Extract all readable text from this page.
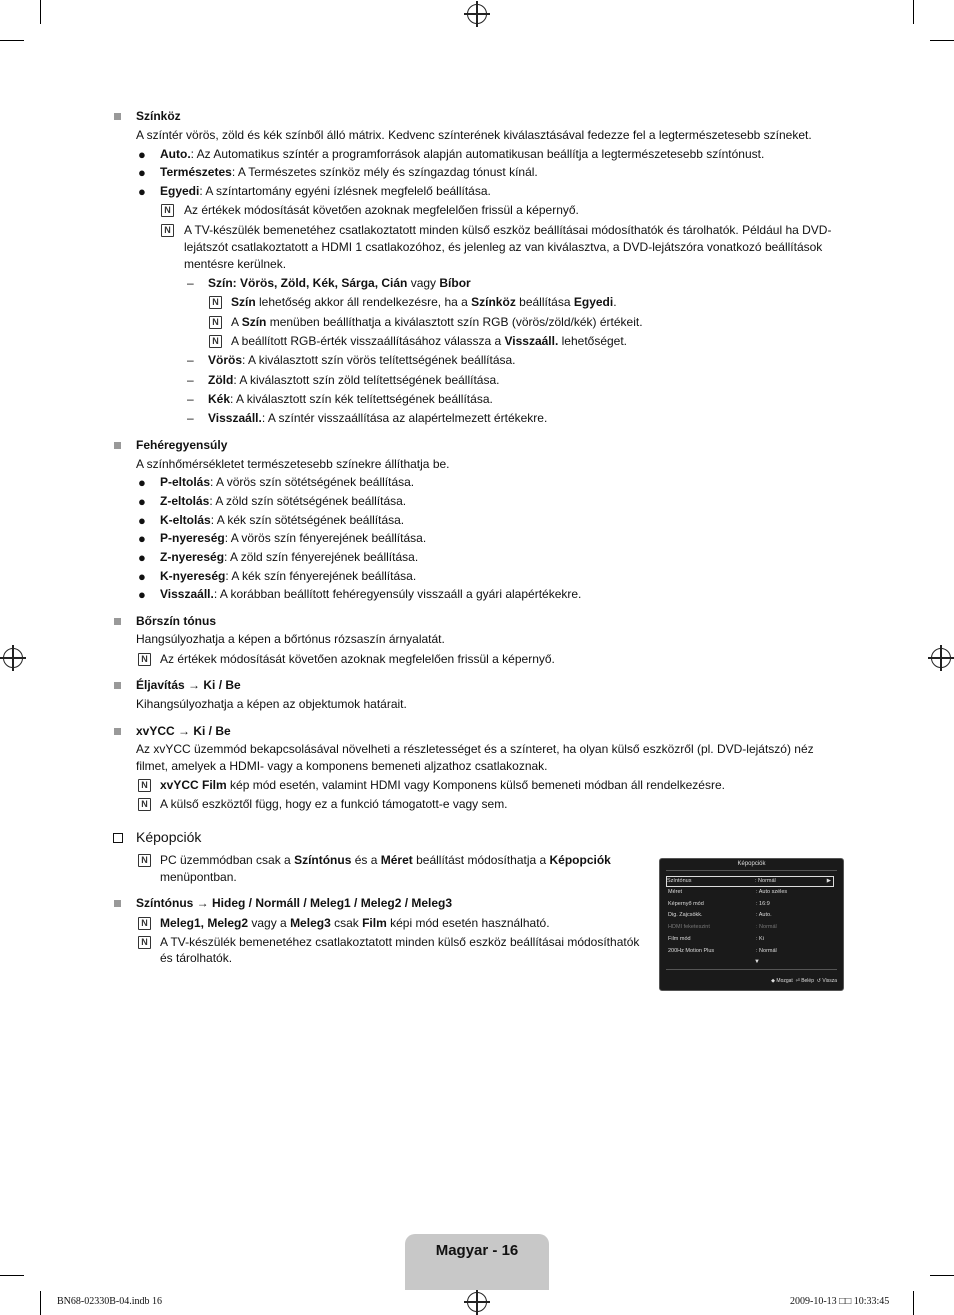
Színköz
A színtér vörös, zöld és kék színből álló mátrix. Kedvenc színterének kiválasztásával fedezze fel a legtermészetesebb színeket.
● Auto.: Az Automatikus színtér a programforrások alapján automatikusan beállítja a legtermészetesebb színtónust.
● Természetes: A Természetes színköz mély és színgazdag tónust kínál.
● Egyedi: A színtartomány egyéni ízlésnek megfelelő beállítása.
N Az értékek módosítását követően azoknak megfelelően frissül a képernyő.
N A TV-készülék bemenetéhez csatlakoztatott minden külső eszköz beállításai módosíthatók és tárolhatók. Például ha DVD-
lejátszót csatlakoztatott a HDMI 1 csatlakozóhoz, és jelenleg az van kiválasztva, a DVD-lejátszóra vonatkozó beállítások
mentésre kerülnek.
– Szín: Vörös, Zöld, Kék, Sárga, Cián vagy Bíbor
N Szín lehetőség akkor áll rendelkezésre, ha a Színköz beállítása Egyedi.
N A Szín menüben beállíthatja a kiválasztott szín RGB (vörös/zöld/kék) értékeit.
N A beállított RGB-érték visszaállításához válassza a Visszaáll. lehetőséget.
– Vörös: A kiválasztott szín vörös telítettségének beállítása.
– Zöld: A kiválasztott szín zöld telítettségének beállítása.
– Kék: A kiválasztott szín kék telítettségének beállítása.
– Visszaáll.: A színtér visszaállítása az alapértelmezett értékekre.
Fehéregyensúly
A színhőmérsékletet természetesebb színekre állíthatja be.
● P-eltolás: A vörös szín sötétségének beállítása.
● Z-eltolás: A zöld szín sötétségének beállítása.
● K-eltolás: A kék szín sötétségének beállítása.
● P-nyereség: A vörös szín fényerejének beállítása.
● Z-nyereség: A zöld szín fényerejének beállítása.
● K-nyereség: A kék szín fényerejének beállítása.
● Visszaáll.: A korábban beállított fehéregyensúly visszaáll a gyári alapértékekre.
Bőrszín tónus
Hangsúlyozhatja a képen a bőrtónus rózsaszín árnyalatát.
N Az értékek módosítását követően azoknak megfelelően frissül a képernyő.
Éljavítás → Ki / Be
Kihangsúlyozhatja a képen az objektumok határait.
xvYCC → Ki / Be
Az xvYCC üzemmód bekapcsolásával növelheti a részletességet és a színteret, ha olyan külső eszközről (pl. DVD-lejátszó) néz
filmet, amelyek a HDMI- vagy a komponens bemeneti aljzathoz csatlakoznak.
N xvYCC Film kép mód esetén, valamint HDMI vagy Komponens külső bemeneti módban áll rendelkezésre.
N A külső eszköztől függ, hogy ez a funkció támogatott-e vagy sem.
Képopciók
N PC üzemmódban csak a Színtónus és a Méret beállítást módosíthatja a Képopciók
menüpontban.
Színtónus → Hideg / Normáll / Meleg1 / Meleg2 / Meleg3
N Meleg1, Meleg2 vagy a Meleg3 csak Film képi mód esetén használható.
N A TV-készülék bemenetéhez csatlakoztatott minden külső eszköz beállításai módosíthatók
és tárolhatók.
Képopciók
Színtónus	: Normál	▶
Méret	: Auto széles
Képernyő mód	: 16:9
Dig. Zajcsökk.	: Auto.
HDMI feketeszint	: Normál
Film mód	: Ki
200Hz Motion Plus	: Normál
▼
◆ Mozgat ⏎ Belép ↺ Vissza
Magyar - 16
BN68-02330B-04.indb 16	2009-10-13 □□ 10:33:45
